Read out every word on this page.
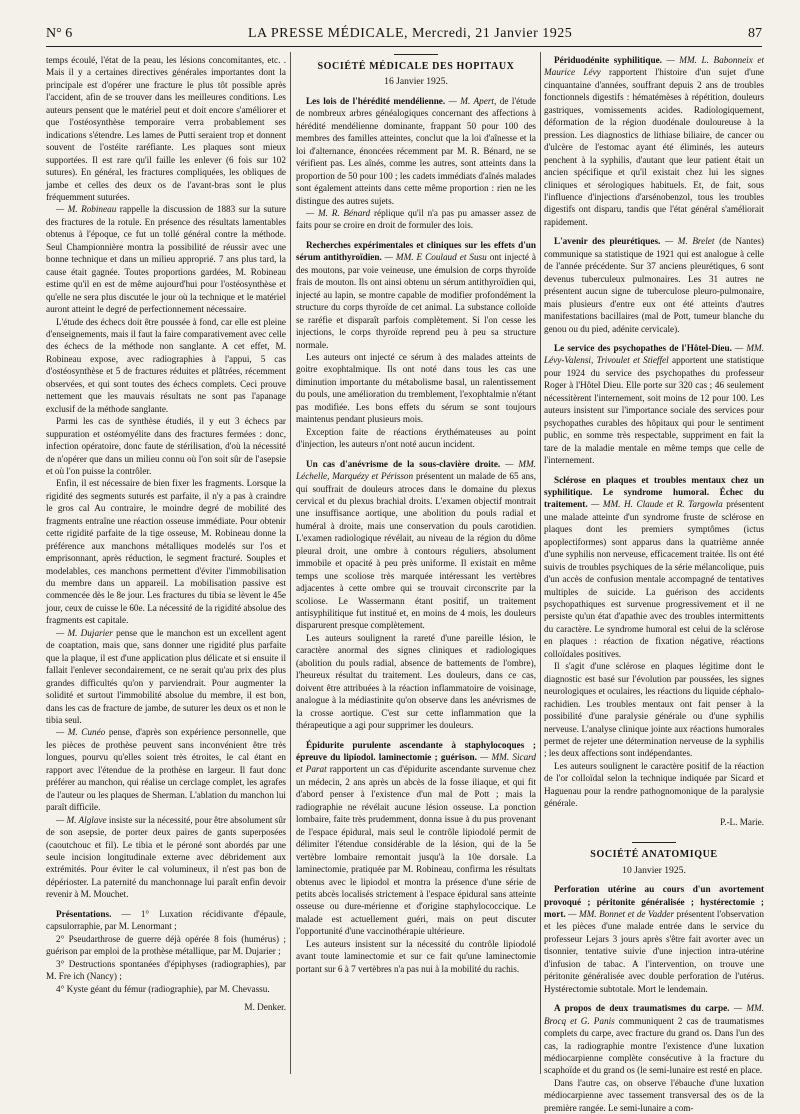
N° 6	LA PRESSE MÉDICALE, Mercredi, 21 Janvier 1925	87

temps écoulé, l'état de la peau, les lésions concomitantes, etc. . Mais il y a certaines directives générales importantes dont la principale est d'opérer une fracture le plus tôt possible après l'accident, afin de se trouver dans les meilleures conditions. Les auteurs pensent que le matériel peut et doit encore s'améliorer et que l'ostéosynthèse temporaire verra probablement ses indications s'étendre. Les lames de Putti seraient trop et donnent souvent de l'ostéite raréfiante. Les plaques sont mieux supportées. Il est rare qu'il faille les enlever (6 fois sur 102 sutures). En général, les fractures compliquées, les obliques de jambe et celles des deux os de l'avant-bras sont le plus fréquemment suturées.

— M. Robineau rappelle la discussion de 1883 sur la suture des fractures de la rotule. En présence des résultats lamentables obtenus à l'époque, ce fut un tollé général contre la méthode. Seul Championnière montra la possibilité de réussir avec une bonne technique et dans un milieu approprié. 7 ans plus tard, la cause était gagnée. Toutes proportions gardées, M. Robineau estime qu'il en est de même aujourd'hui pour l'ostéosynthèse et qu'elle ne sera plus discutée le jour où la technique et le matériel auront atteint le degré de perfectionnement nécessaire.

L'étude des échecs doit être poussée à fond, car elle est pleine d'enseignements, mais il faut la faire comparativement avec celle des échecs de la méthode non sanglante. A cet effet, M. Robineau expose, avec radiographies à l'appui, 5 cas d'ostéosynthèse et 5 de fractures réduites et plâtrées, récemment observées, et qui sont toutes des échecs complets. Ceci prouve nettement que les mauvais résultats ne sont pas l'apanage exclusif de la méthode sanglante.

Parmi les cas de synthèse étudiés, il y eut 3 échecs par suppuration et ostéomyélite dans des fractures fermées : donc, infection opératoire, donc faute de stérilisation, d'où la nécessité de n'opérer que dans un milieu connu où l'on soit sûr de l'asepsie et où l'on puisse la contrôler.

Enfin, il est nécessaire de bien fixer les fragments. Lorsque la rigidité des segments suturés est parfaite, il n'y a pas à craindre le gros cal Au contraire, le moindre degré de mobilité des fragments entraîne une réaction osseuse immédiate. Pour obtenir cette rigidité parfaite de la tige osseuse, M. Robineau donne la préférence aux manchons métalliques modelés sur l'os et emprisonnant, après réduction, le segment fracturé. Souples et modelables, ces manchons permettent d'éviter l'immobilisation du membre dans un appareil. La mobilisation passive est commencée dès le 8e jour. Les fractures du tibia se lèvent le 45e jour, ceux de cuisse le 60e. La nécessité de la rigidité absolue des fragments est capitale.

— M. Dujarier pense que le manchon est un excellent agent de coaptation, mais que, sans donner une rigidité plus parfaite que la plaque, il est d'une application plus délicate et si ensuite il fallait l'enlever secondairement, ce ne serait qu'au prix des plus grandes difficultés qu'on y parviendrait. Pour augmenter la solidité et surtout l'immobilité absolue du membre, il est bon, dans les cas de fracture de jambe, de suturer les deux os et non le tibia seul.

— M. Cunéo pense, d'après son expérience personnelle, que les pièces de prothèse peuvent sans inconvénient être très longues, pourvu qu'elles soient très étroites, le cal étant en rapport avec l'étendue de la prothèse en largeur. Il faut donc préférer au manchon, qui réalise un cerclage complet, les agrafes de l'auteur ou les plaques de Sherman. L'ablation du manchon lui paraît difficile.

— M. Alglave insiste sur la nécessité, pour être absolument sûr de son asepsie, de porter deux paires de gants superposées (caoutchouc et fil). Le tibia et le péroné sont abordés par une seule incision longitudinale externe avec débridement aux extrémités. Pour éviter le cal volumineux, il n'est pas bon de dépérioster. La paternité du manchonnage lui paraît enfin devoir revenir à M. Mouchet.

Présentations. — 1° Luxation récidivante d'épaule, capsulorraphie, par M. Lenormant ;

2° Pseudarthrose de guerre déjà opérée 8 fois (humérus) ; guérison par emploi de la prothèse métallique, par M. Dujarier ;

3° Destructions spontanées d'épiphyses (radiographies), par M. Fre ich (Nancy) ;

4° Kyste géant du fémur (radiographie), par M. Chevassu.

M. Denker.

SOCIÉTÉ MÉDICALE DES HOPITAUX

16 Janvier 1925.

Les lois de l'hérédité mendélienne. — M. Apert, de l'étude de nombreux arbres généalogiques concernant des affections à hérédité mendélienne dominante, frappant 50 pour 100 des membres des familles atteintes, conclut que la loi d'aînesse et la loi d'alternance, énoncées récemment par M. R. Bénard, ne se vérifient pas. Les aînés, comme les autres, sont atteints dans la proportion de 50 pour 100 ; les cadets immédiats d'aînés malades sont également atteints dans cette même proportion : rien ne les distingue des autres sujets.

— M. R. Bénard réplique qu'il n'a pas pu amasser assez de faits pour se croire en droit de formuler des lois.

Recherches expérimentales et cliniques sur les effets d'un sérum antithyroïdien. — MM. E Coulaud et Susu ont injecté à des moutons, par voie veineuse, une émulsion de corps thyroïde frais de mouton. Ils ont ainsi obtenu un sérum antithyroïdien qui, injecté au lapin, se montre capable de modifier profondément la structure du corps thyroïde de cet animal. La substance colloïde se raréfie et disparaît parfois complètement. Si l'on cesse les injections, le corps thyroïde reprend peu à peu sa structure normale.

Les auteurs ont injecté ce sérum à des malades atteints de goitre exophtalmique. Ils ont noté dans tous les cas une diminution importante du métabolisme basal, un ralentissement du pouls, une amélioration du tremblement, l'exophtalmie n'étant pas modifiée. Les bons effets du sérum se sont toujours maintenus pendant plusieurs mois.

Exception faite de réactions érythémateuses au point d'injection, les auteurs n'ont noté aucun incident.

Un cas d'anévrisme de la sous-clavière droite. — MM. Léchelle, Marquézy et Périsson présentent un malade de 65 ans, qui souffrait de douleurs atroces dans le domaine du plexus cervical et du plexus brachial droits. L'examen objectif montrait une insuffisance aortique, une abolition du pouls radial et huméral à droite, mais une conservation du pouls carotidien. L'examen radiologique révélait, au niveau de la région du dôme pleural droit, une ombre à contours réguliers, absolument immobile et opacité à peu près uniforme. Il existait en même temps une scoliose très marquée intéressant les vertèbres adjacentes à cette ombre qui se trouvait circonscrite par la scoliose. Le Wassermann étant positif, un traitement antisyphilitique fut institué et, en moins de 4 mois, les douleurs disparurent presque complètement.

Les auteurs soulignent la rareté d'une pareille lésion, le caractère anormal des signes cliniques et radiologiques (abolition du pouls radial, absence de battements de l'ombre), l'heureux résultat du traitement. Les douleurs, dans ce cas, doivent être attribuées à la réaction inflammatoire de voisinage, analogue à la médiastinite qu'on observe dans les anévrismes de la crosse aortique. C'est sur cette inflammation que la thérapeutique a agi pour supprimer les douleurs.

Épidurite purulente ascendante à staphylocoques ; épreuve du lipiodol. laminectomie ; guérison. — MM. Sicard et Parat rapportent un cas d'épidurite ascendante survenue chez un médecin, 2 ans après un abcès de la fosse iliaque, et qui fit d'abord penser à l'existence d'un mal de Pott ; mais la radiographie ne révélait aucune lésion osseuse. La ponction lombaire, faite très prudemment, donna issue à du pus provenant de l'espace épidural, mais seul le contrôle lipiodolé permit de délimiter l'étendue considérable de la lésion, qui de la 5e vertèbre lombaire remontait jusqu'à la 10e dorsale. La laminectomie, pratiquée par M. Robineau, confirma les résultats obtenus avec le lipiodol et montra la présence d'une série de petits abcès localisés strictement à l'espace épidural sans atteinte osseuse ou dure-mérienne et d'origine staphylococcique. Le malade est actuellement guéri, mais on peut discuter l'opportunité d'une vaccinothérapie ultérieure.

Les auteurs insistent sur la nécessité du contrôle lipiodolé avant toute laminectomie et sur ce fait qu'une laminectomie portant sur 6 à 7 vertèbres n'a pas nui à la mobilité du rachis.

Périduodénite syphilitique. — MM. L. Babonneix et Maurice Lévy rapportent l'histoire d'un sujet d'une cinquantaine d'années, souffrant depuis 2 ans de troubles fonctionnels digestifs : hématémèses à répétition, douleurs gastriques, vomissements acides. Radiologiquement, déformation de la région duodénale douloureuse à la pression. Les diagnostics de lithiase biliaire, de cancer ou d'ulcère de l'estomac ayant été éliminés, les auteurs penchent à la syphilis, d'autant que leur patient était un ancien spécifique et qu'il existait chez lui les signes cliniques et sérologiques habituels. Et, de fait, sous l'influence d'injections d'arsénobenzol, tous les troubles digestifs ont disparu, tandis que l'état général s'améliorait rapidement.

L'avenir des pleurétiques. — M. Brelet (de Nantes) communique sa statistique de 1921 qui est analogue à celle de l'année précédente. Sur 37 anciens pleurétiques, 6 sont devenus tuberculeux pulmonaires. Les 31 autres ne présentent aucun signe de tuberculose pleuro-pulmonaire, mais plusieurs d'entre eux ont été atteints d'autres manifestations bacillaires (mal de Pott, tumeur blanche du genou ou du pied, adénite cervicale).

Le service des psychopathes de l'Hôtel-Dieu. — MM. Lévy-Valensi, Trivoulet et Stieffel apportent une statistique pour 1924 du service des psychopathes du professeur Roger à l'Hôtel Dieu. Elle porte sur 320 cas ; 46 seulement nécessitèrent l'internement, soit moins de 12 pour 100. Les auteurs insistent sur l'importance sociale des services pour psychopathes curables des hôpitaux qui pour le sentiment public, en somme très respectable, suppriment en fait la tare de la maladie mentale en même temps que celle de l'internement.

Sclérose en plaques et troubles mentaux chez un syphilitique. Le syndrome humoral. Échec du traitement. — MM. H. Claude et R. Targowla présentent une malade atteinte d'un syndrome fruste de sclérose en plaques dont les premiers symptômes (ictus apoplectiformes) sont apparus dans la quatrième année d'une syphilis non nerveuse, efficacement traitée. Ils ont été suivis de troubles psychiques de la série mélancolique, puis d'un accès de confusion mentale accompagné de tentatives multiples de suicide. La guérison des accidents psychopathiques est survenue progressivement et il ne persiste qu'un état d'apathie avec des troubles intermittents du caractère. Le syndrome humoral est celui de la sclérose en plaques : réaction de fixation négative, réactions colloïdales positives.

Il s'agit d'une sclérose en plaques légitime dont le diagnostic est basé sur l'évolution par poussées, les signes neurologiques et oculaires, les réactions du liquide céphalo-rachidien. Les troubles mentaux ont fait penser à la possibilité d'une paralysie générale ou d'une syphilis nerveuse. L'analyse clinique jointe aux réactions humorales permet de rejeter une détermination nerveuse de la syphilis ; les deux affections sont indépendantes.

Les auteurs soulignent le caractère positif de la réaction de l'or colloïdal selon la technique indiquée par Sicard et Haguenau pour la rendre pathognomonique de la paralysie générale.

P.-L. Marie.

SOCIÉTÉ ANATOMIQUE

10 Janvier 1925.

Perforation utérine au cours d'un avortement provoqué ; péritonite généralisée ; hystérectomie ; mort. — MM. Bonnet et de Vadder présentent l'observation et les pièces d'une malade entrée dans le service du professeur Lejars 3 jours après s'être fait avorter avec un tisonnier, tentative suivie d'une injection intra-utérine d'infusion de tabac. A l'intervention, on trouve une péritonite généralisée avec double perforation de l'utérus. Hystérectomie subtotale. Mort le lendemain.

A propos de deux traumatismes du carpe. — MM. Brocq et G. Panis communiquent 2 cas de traumatismes complets du carpe, avec fracture du grand os. Dans l'un des cas, la radiographie montre l'existence d'une luxation médiocarpienne complète consécutive à la fracture du scaphoïde et du grand os (le semi-lunaire est resté en place.

Dans l'autre cas, on observe l'ébauche d'une luxation médiocarpienne avec tassement transversal des os de la première rangée. Le semi-lunaire a com-
